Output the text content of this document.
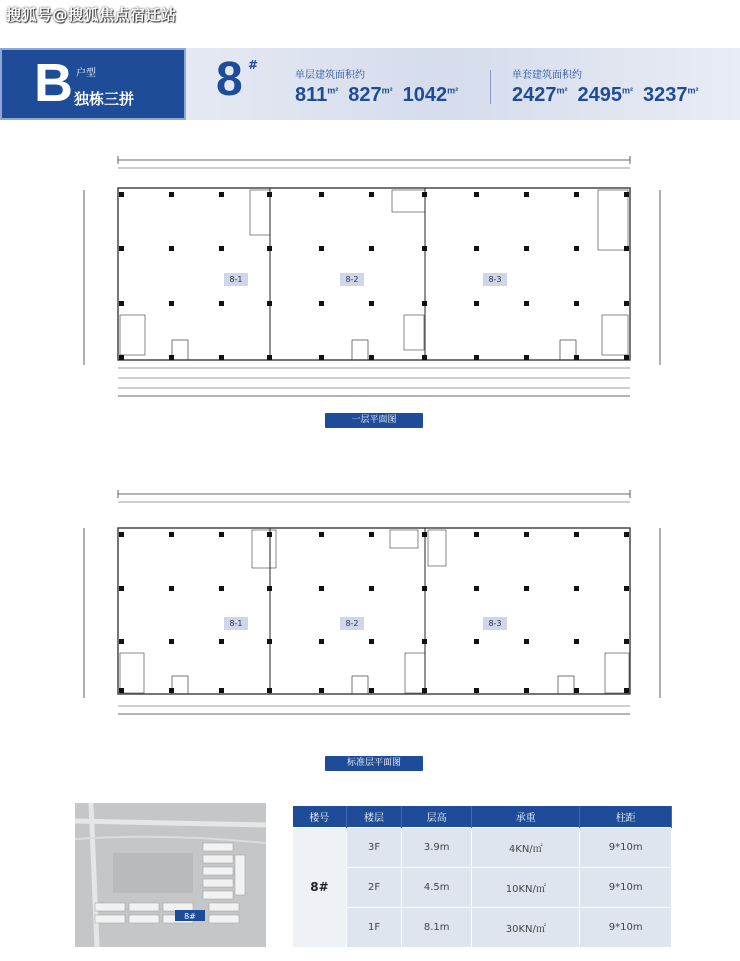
搜狐号@搜狐焦点宿迁站
B 户型
独栋三拼 8 #
单层建筑面积约
$811^{m^2}$ $827^{m^2}$ $1042^{m^2}$
单套建筑面积约
$2427^{m^2}$ $2495^{m^2}$ $3237^{m^2}$
8-1	8-2	8-3
一层平面图
8-1	8-2	8-3
标准层平面图
8#
楼号	楼层	层高	承重	柱距
8#	3F	3.9m	4KN/㎡	9*10m
	2F	4.5m	10KN/㎡	9*10m
	1F	8.1m	30KN/㎡	9*10m
